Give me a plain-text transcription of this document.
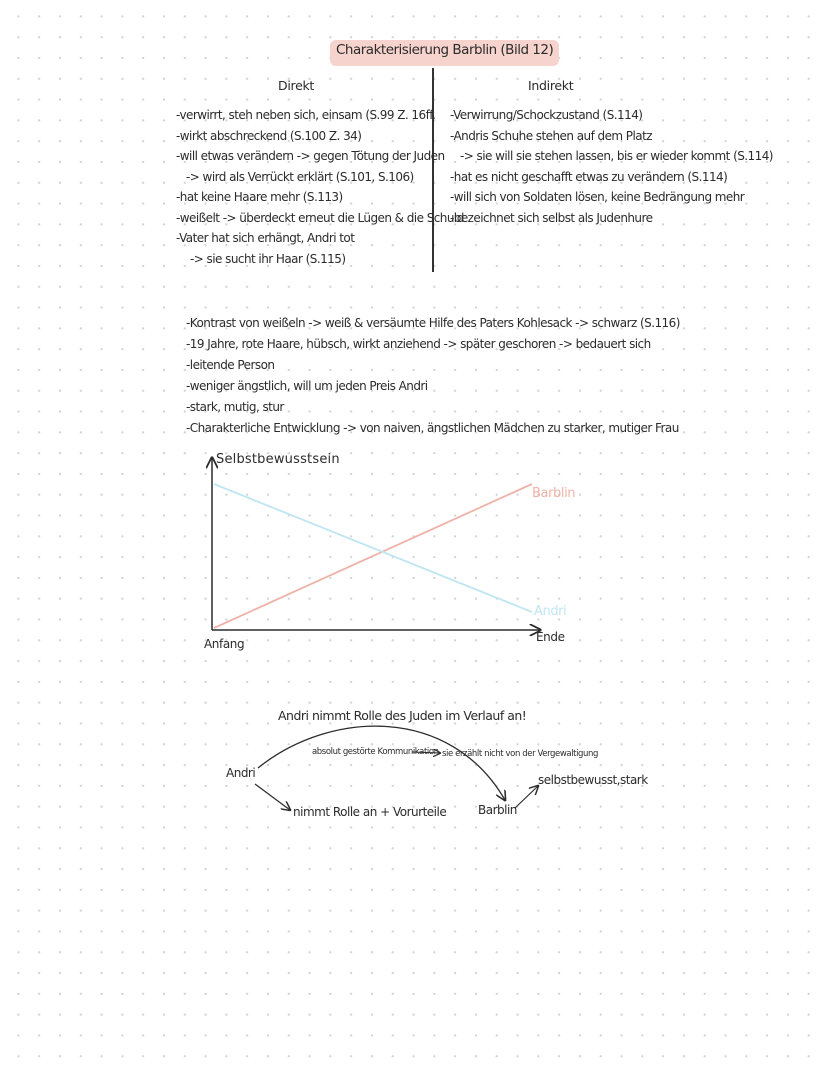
Charakterisierung Barblin (Bild 12)
Direkt	Indirekt
-verwirrt, steh neben sich, einsam (S.99 Z. 16ff.
-wirkt abschreckend (S.100 Z. 34)
-will etwas verändern -> gegen Tötung der Juden
-> wird als Verrückt erklärt (S.101, S.106)
-hat keine Haare mehr (S.113)
-weißelt -> überdeckt erneut die Lügen & die Schuld
-Vater hat sich erhängt, Andri tot
-> sie sucht ihr Haar (S.115)
-Verwirrung/Schockzustand (S.114)
-Andris Schuhe stehen auf dem Platz
-> sie will sie stehen lassen, bis er wieder kommt (S.114)
-hat es nicht geschafft etwas zu verändern (S.114)
-will sich von Soldaten lösen, keine Bedrängung mehr
-bezeichnet sich selbst als Judenhure
-Kontrast von weißeln -> weiß & versäumte Hilfe des Paters Kohlesack -> schwarz (S.116)
-19 Jahre, rote Haare, hübsch, wirkt anziehend -> später geschoren -> bedauert sich
-leitende Person
-weniger ängstlich, will um jeden Preis Andri
-stark, mutig, stur
-Charakterliche Entwicklung -> von naiven, ängstlichen Mädchen zu starker, mutiger Frau
Selbstbewusstsein
Anfang	Ende
Barblin
Andri
Andri nimmt Rolle des Juden im Verlauf an!
Andri
Barblin
absolut gestörte Kommunikation sie erzählt nicht von der Vergewaltigung
nimmt Rolle an + Vorurteile
selbstbewusst,stark
